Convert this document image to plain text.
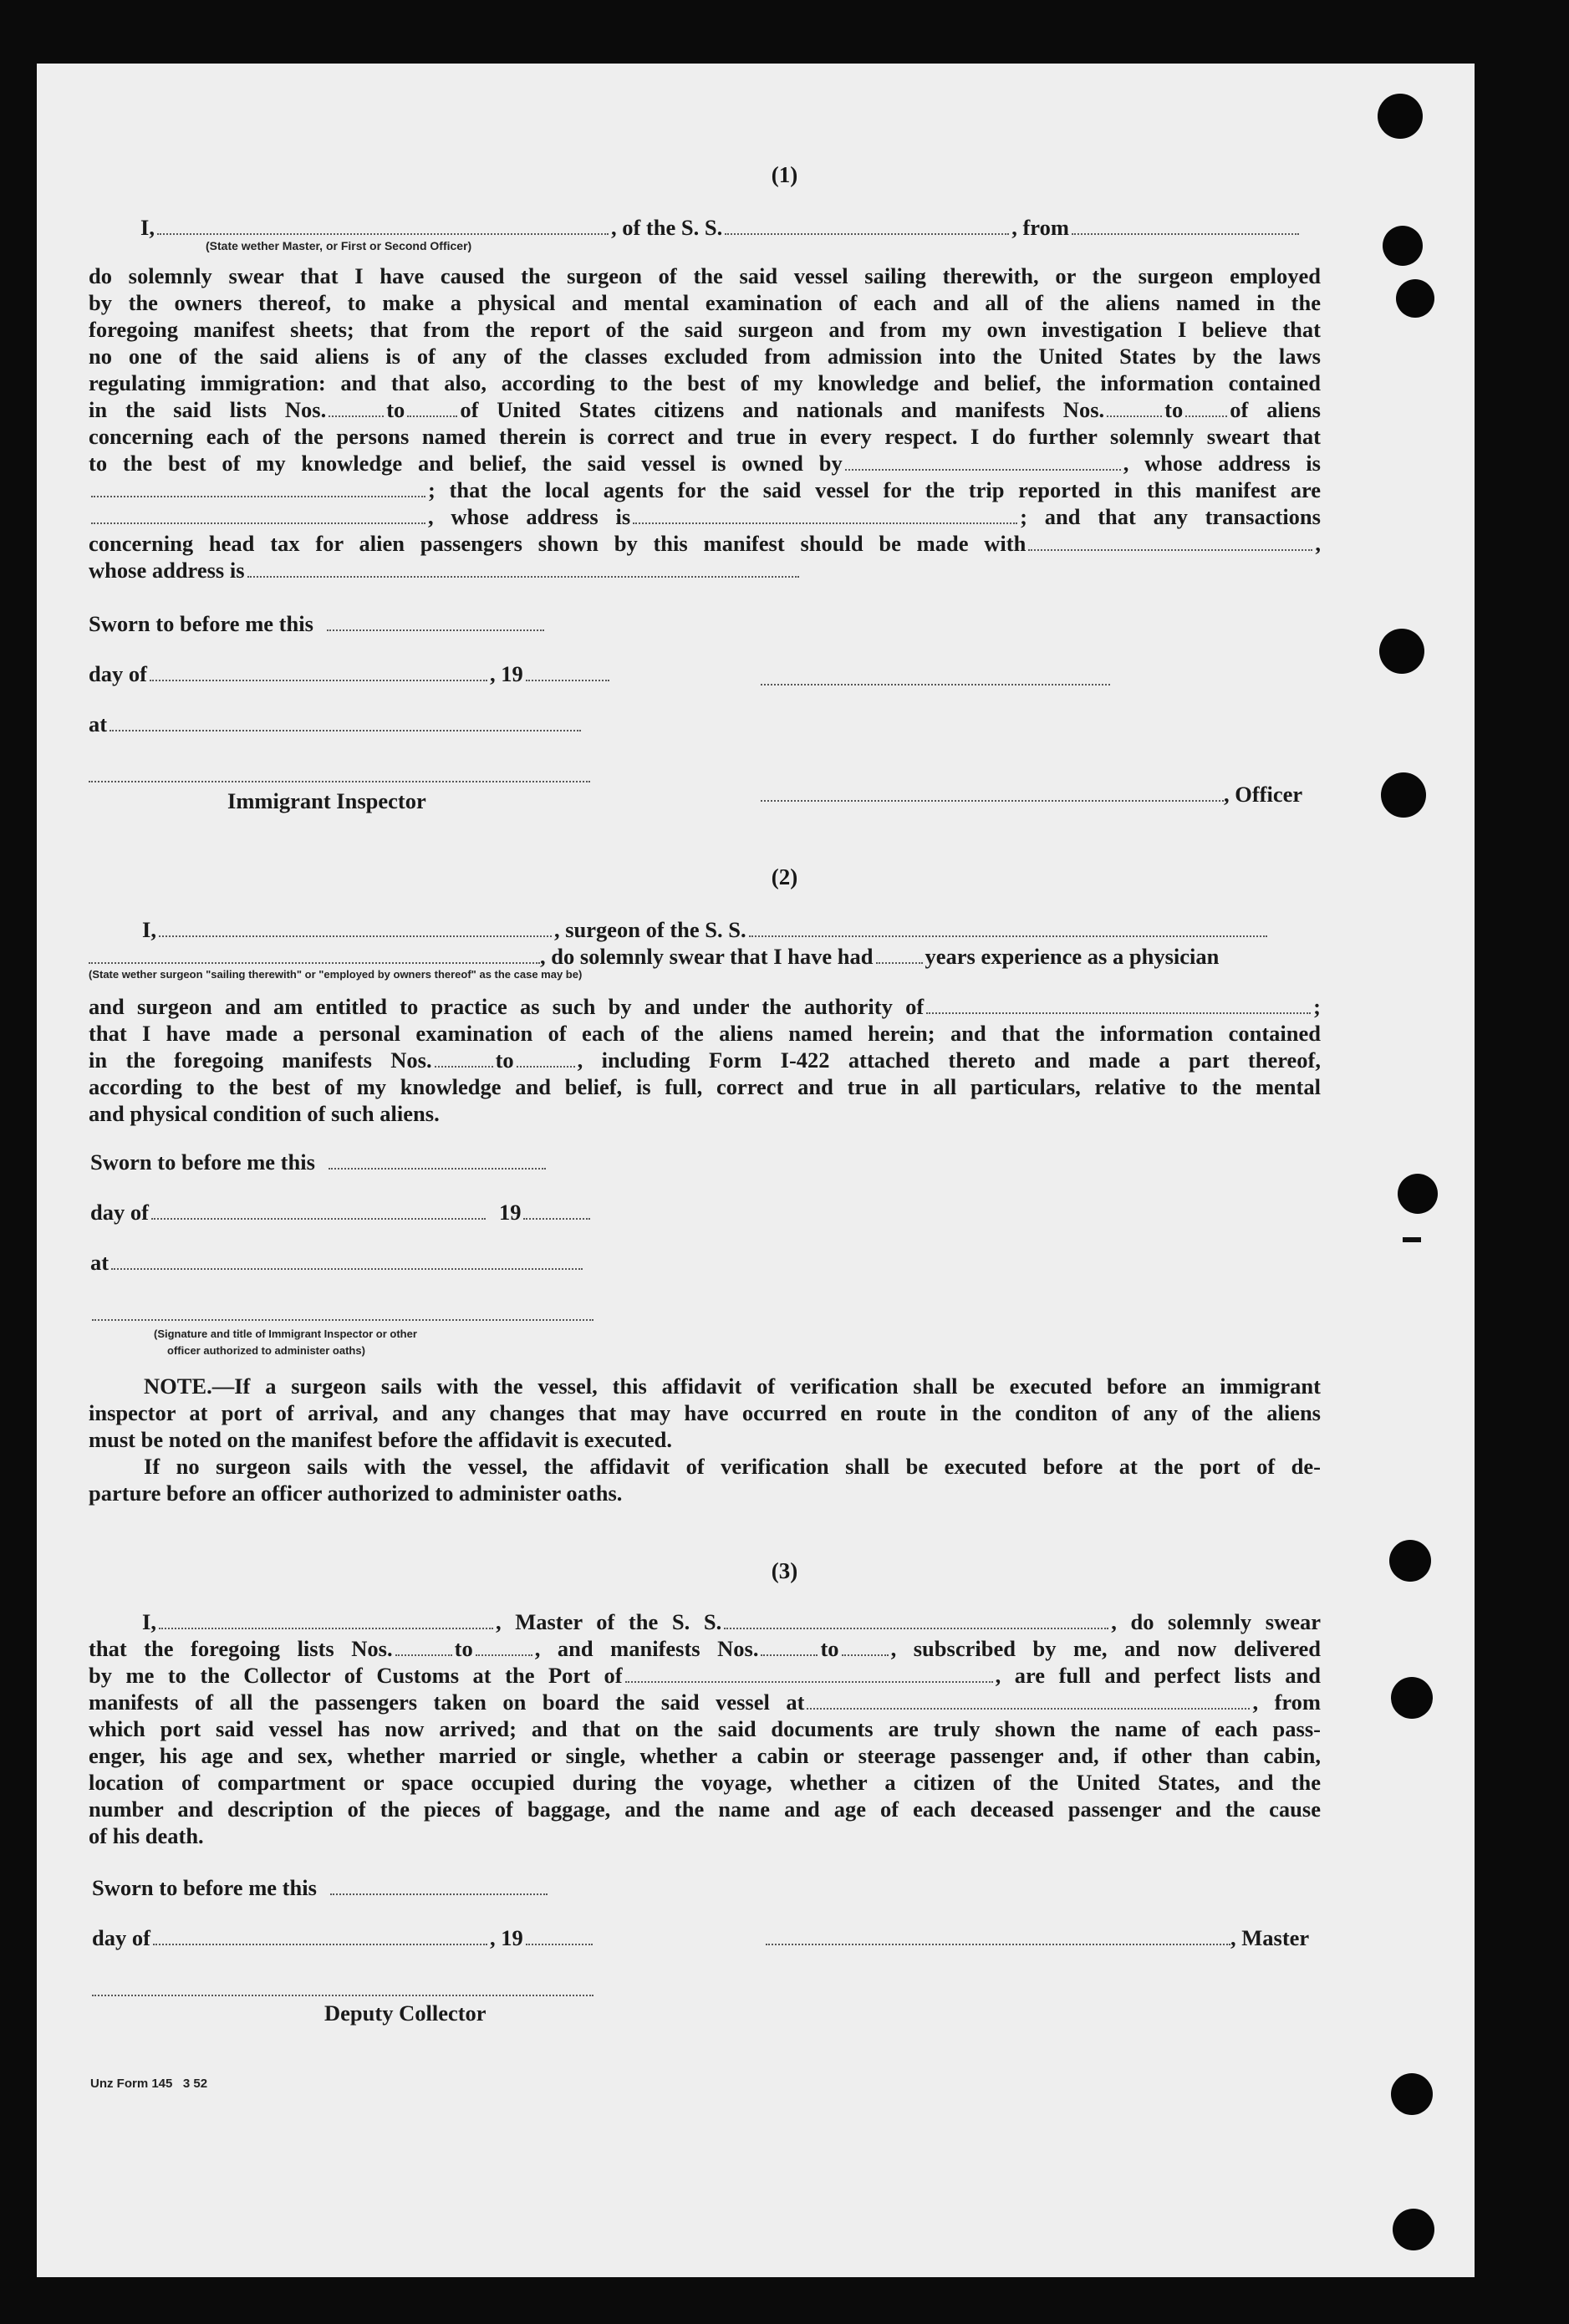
(1)
I,	, of the S. S.	, from
(State wether Master, or First or Second Officer)
do solemnly swear that I have caused the surgeon of the said vessel sailing therewith, or the surgeon employed
by the owners thereof, to make a physical and mental examination of each and all of the aliens named in the
foregoing manifest sheets; that from the report of the said surgeon and from my own investigation I believe that
no one of the said aliens is of any of the classes excluded from admission into the United States by the laws
regulating immigration: and that also, according to the best of my knowledge and belief, the information contained
in the said lists Nos.	to of United States citizens and nationals and manifests Nos.	to of aliens
concerning each of the persons named therein is correct and true in every respect. I do further solemnly sweart that
to the best of my knowledge and belief, the said vessel is owned by	, whose address is
; that the local agents for the said vessel for the trip reported in this manifest are
, whose address is	; and that any transactions
concerning head tax for alien passengers shown by this manifest should be made with	,
whose address is
Sworn to before me this
day of	, 19
at
Immigrant Inspector	, Officer
(2)
I,	, surgeon of the S. S.
, do solemnly swear that I have had years experience as a physician
(State wether surgeon "sailing therewith" or "employed by owners thereof" as the case may be)
and surgeon and am entitled to practice as such by and under the authority of	;
that I have made a personal examination of each of the aliens named herein; and that the information contained
in the foregoing manifests Nos.	to	, including Form I-422 attached thereto and made a part thereof,
according to the best of my knowledge and belief, is full, correct and true in all particulars, relative to the mental
and physical condition of such aliens.
Sworn to before me this
day of	19
at
(Signature and title of Immigrant Inspector or other
officer authorized to administer oaths)
NOTE.—If a surgeon sails with the vessel, this affidavit of verification shall be executed before an immigrant
inspector at port of arrival, and any changes that may have occurred en route in the conditon of any of the aliens
must be noted on the manifest before the affidavit is executed.
If no surgeon sails with the vessel, the affidavit of verification shall be executed before at the port of de-
parture before an officer authorized to administer oaths.
(3)
I,	, Master of the S. S.	, do solemnly swear
that the foregoing lists Nos.	to	, and manifests Nos.	to , subscribed by me, and now delivered
by me to the Collector of Customs at the Port of	, are full and perfect lists and
manifests of all the passengers taken on board the said vessel at	, from
which port said vessel has now arrived; and that on the said documents are truly shown the name of each pass-
enger, his age and sex, whether married or single, whether a cabin or steerage passenger and, if other than cabin,
location of compartment or space occupied during the voyage, whether a citizen of the United States, and the
number and description of the pieces of baggage, and the name and age of each deceased passenger and the cause
of his death.
Sworn to before me this
day of	, 19	, Master
Deputy Collector
Unz Form 145   3 52
